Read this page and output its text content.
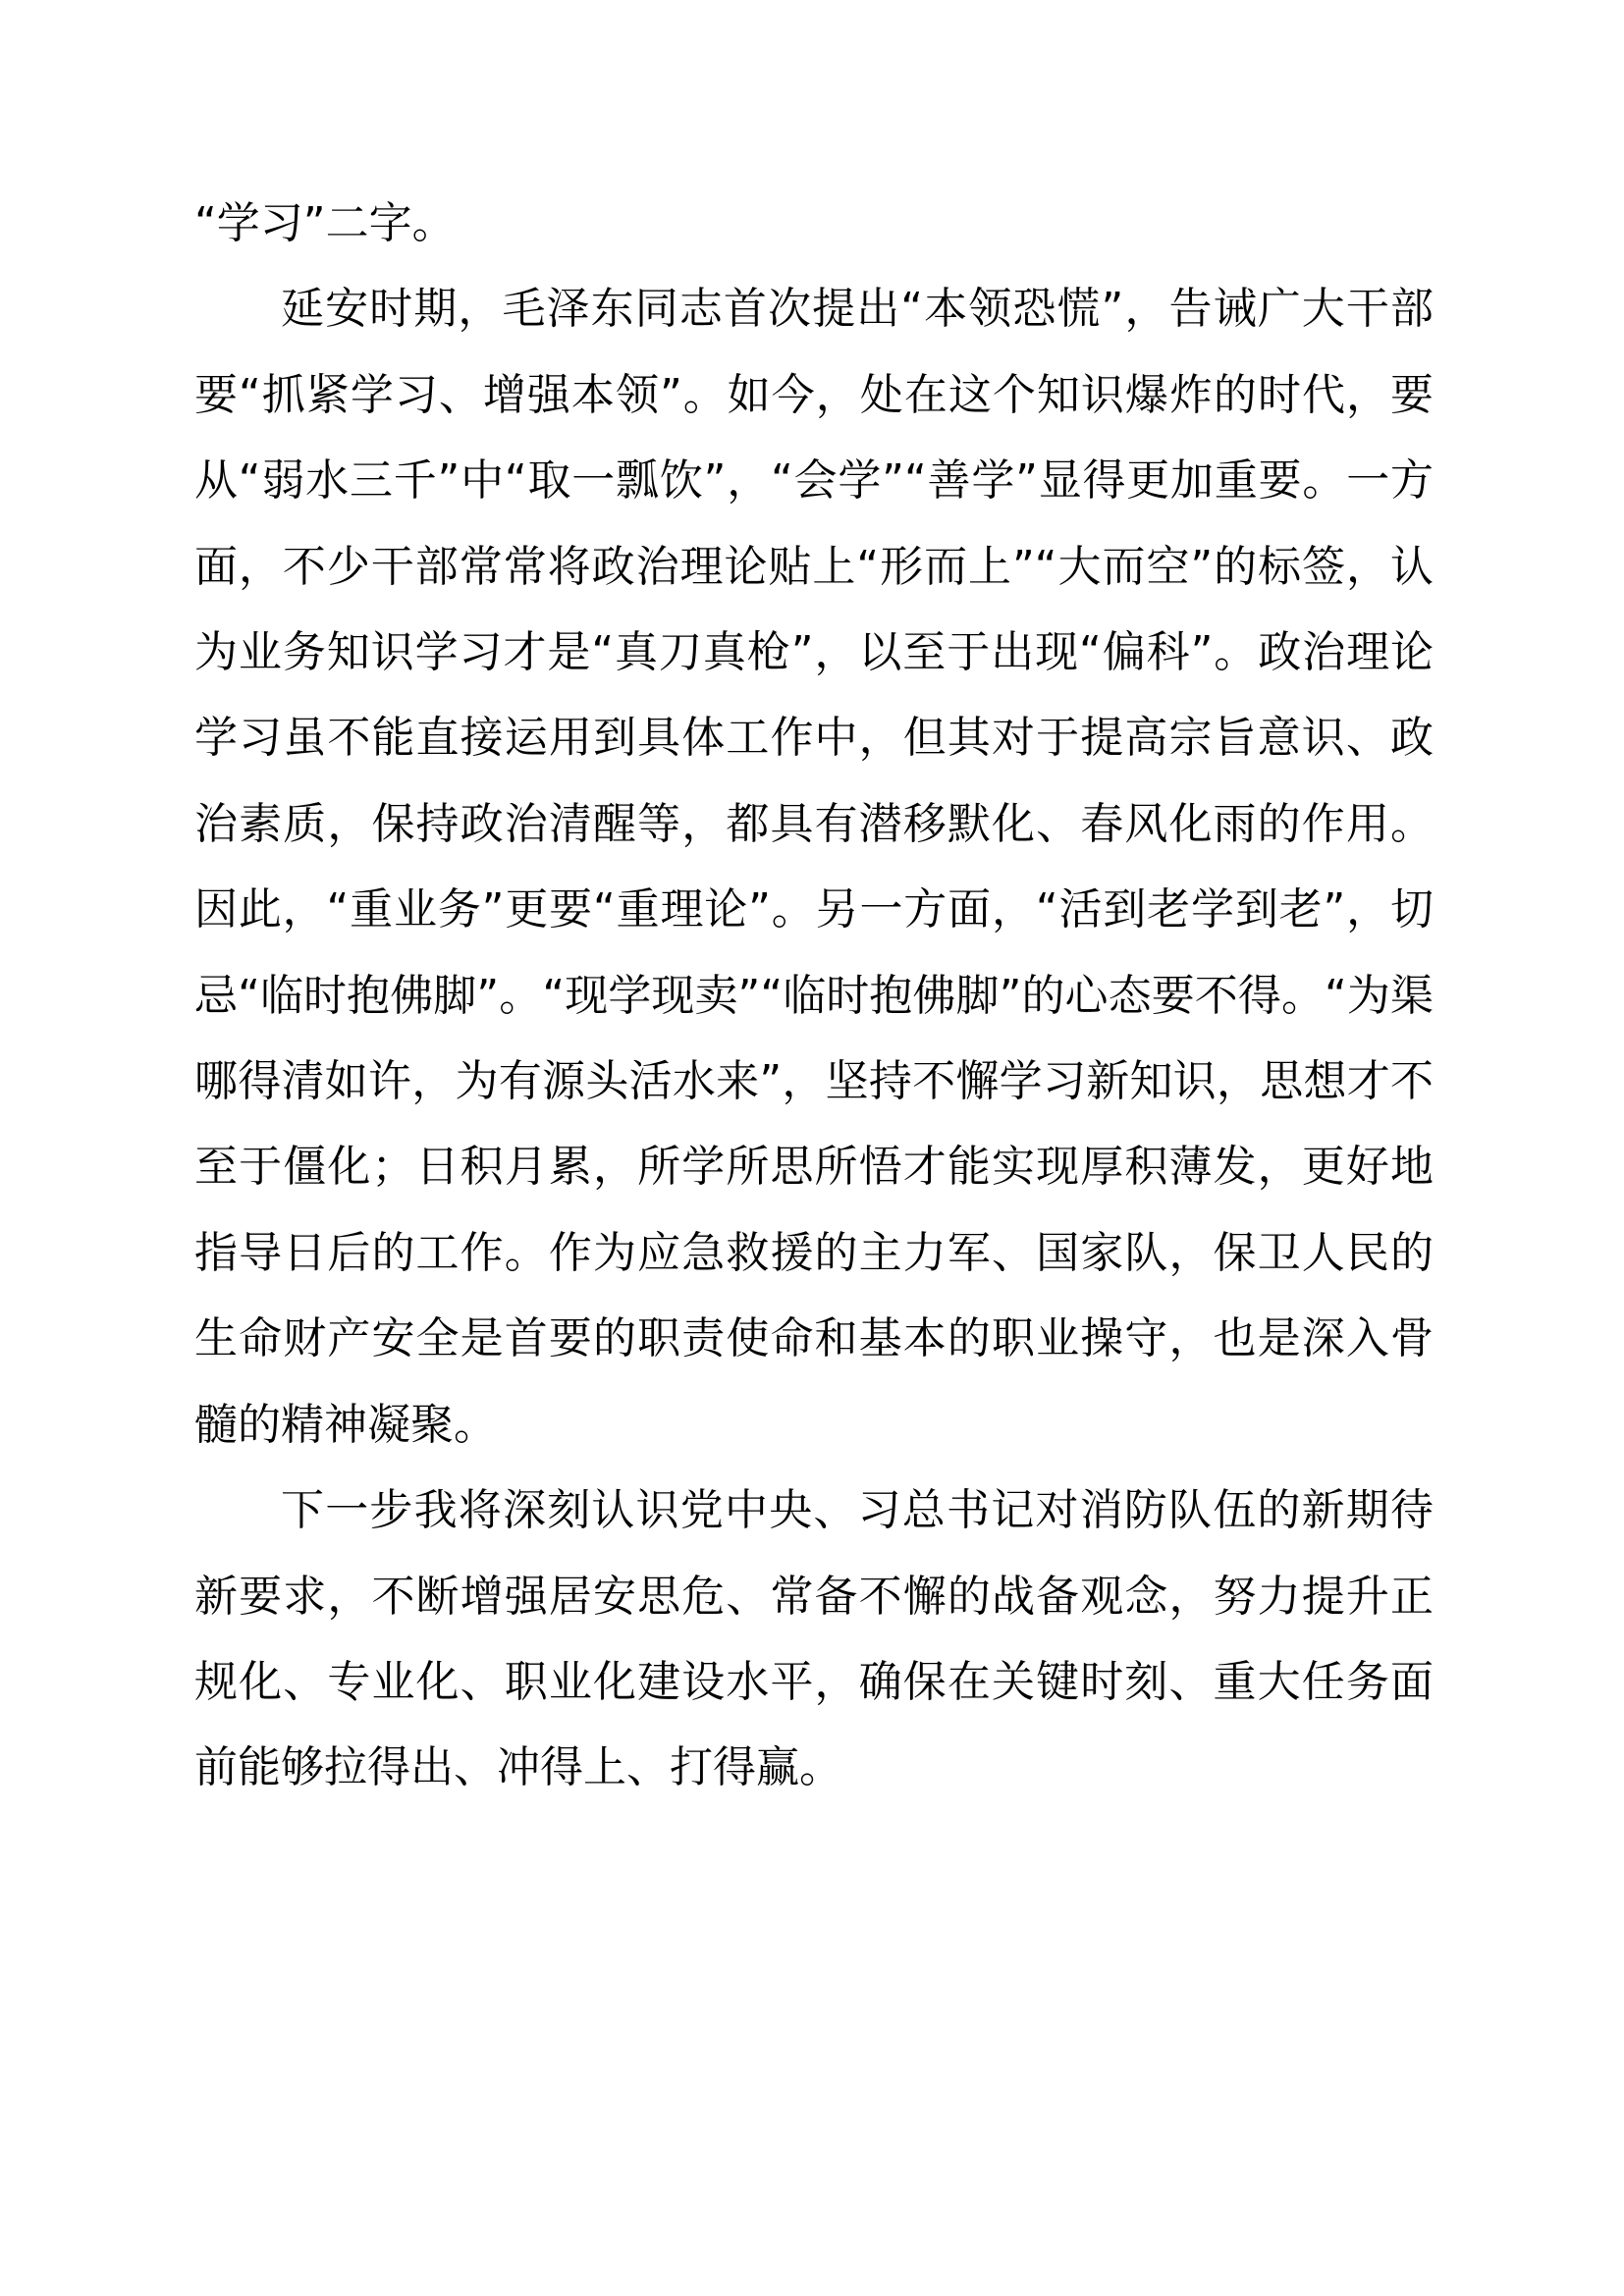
“学习”二字。

延安时期，毛泽东同志首次提出“本领恐慌”，告诫广大干部要“抓紧学习、增强本领”。如今，处在这个知识爆炸的时代，要从“弱水三千”中“取一瓢饮”，“会学”“善学”显得更加重要。一方面，不少干部常常将政治理论贴上“形而上”“大而空”的标签，认为业务知识学习才是“真刀真枪”，以至于出现“偏科”。政治理论学习虽不能直接运用到具体工作中，但其对于提高宗旨意识、政治素质，保持政治清醒等，都具有潜移默化、春风化雨的作用。因此，“重业务”更要“重理论”。另一方面，“活到老学到老”，切忌“临时抱佛脚”。“现学现卖”“临时抱佛脚”的心态要不得。“为渠哪得清如许，为有源头活水来”，坚持不懈学习新知识，思想才不至于僵化；日积月累，所学所思所悟才能实现厚积薄发，更好地指导日后的工作。作为应急救援的主力军、国家队，保卫人民的生命财产安全是首要的职责使命和基本的职业操守，也是深入骨髓的精神凝聚。

下一步我将深刻认识党中央、习总书记对消防队伍的新期待新要求，不断增强居安思危、常备不懈的战备观念，努力提升正规化、专业化、职业化建设水平，确保在关键时刻、重大任务面前能够拉得出、冲得上、打得赢。
